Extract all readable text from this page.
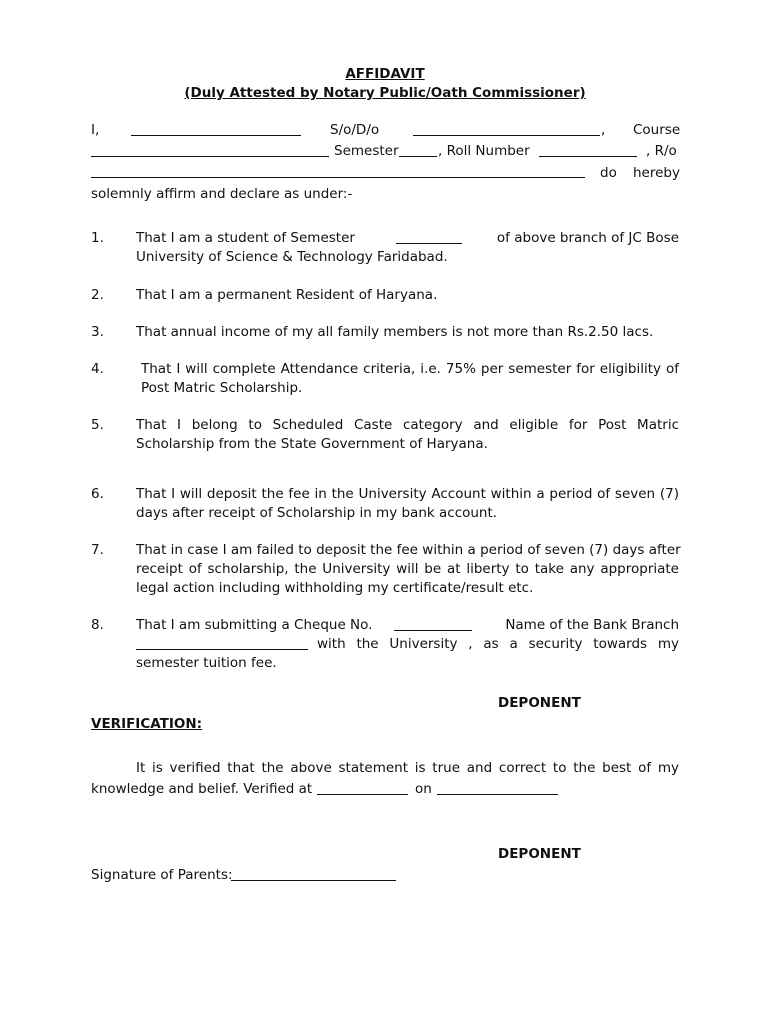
AFFIDAVIT
(Duly Attested by Notary Public/Oath Commissioner)
I,	S/o/D/o	, Course
Semester	, Roll Number	, R/o
do hereby
solemnly affirm and declare as under:-
1. That I am a student of Semester	of above branch of JC Bose
University of Science & Technology Faridabad.
2. That I am a permanent Resident of Haryana.
3. That annual income of my all family members is not more than Rs.2.50 lacs.
4.	That I will complete Attendance criteria, i.e. 75% per semester for eligibility of
Post Matric Scholarship.
5. That I belong to Scheduled Caste category and eligible for Post Matric
Scholarship from the State Government of Haryana.
6. That I will deposit the fee in the University Account within a period of seven (7)
days after receipt of Scholarship in my bank account.
7. That in case I am failed to deposit the fee within a period of seven (7) days after
receipt of scholarship, the University will be at liberty to take any appropriate
legal action including withholding my certificate/result etc.
8. That I am submitting a Cheque No.	Name of the Bank Branch
with the University , as a security towards my
semester tuition fee.
DEPONENT
VERIFICATION:
It is verified that the above statement is true and correct to the best of my
knowledge and belief. Verified at	on
DEPONENT
Signature of Parents:
